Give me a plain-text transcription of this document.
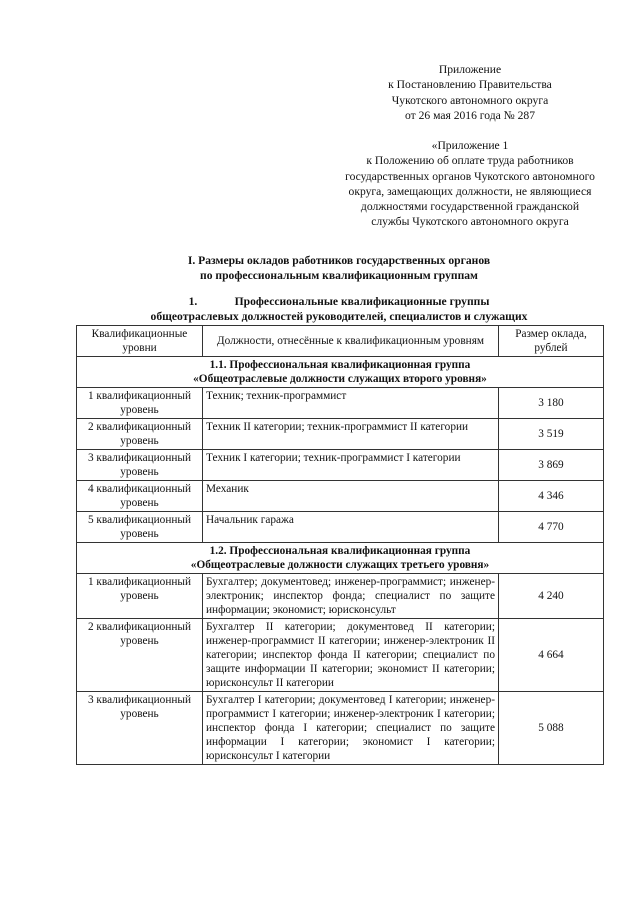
Приложение
к Постановлению Правительства
Чукотского автономного округа
от 26 мая 2016 года № 287
«Приложение 1
к Положению об оплате труда работников
государственных органов Чукотского автономного
округа, замещающих должности, не являющиеся
должностями государственной гражданской
службы Чукотского автономного округа
I. Размеры окладов работников государственных органов
по профессиональным квалификационным группам
1.	Профессиональные квалификационные группы
общеотраслевых должностей руководителей, специалистов и служащих
Квалификационные уровни	Должности, отнесённые к квалификационным уровням	Размер оклада, рублей

1.1. Профессиональная квалификационная группа
«Общеотраслевые должности служащих второго уровня»		

1 квалификационный уровень	Техник; техник-программист	3 180
2 квалификационный уровень	Техник II категории; техник-программист II категории	3 519
3 квалификационный уровень	Техник I категории; техник-программист I категории	3 869
4 квалификационный уровень	Механик	4 346
5 квалификационный уровень	Начальник гаража	4 770

1.2. Профессиональная квалификационная группа
«Общеотраслевые должности служащих третьего уровня»		

1 квалификационный уровень	Бухгалтер; документовед; инженер-программист; инженер-электроник; инспектор фонда; специалист по защите информации; экономист; юрисконсульт	4 240
2 квалификационный уровень	Бухгалтер II категории; документовед II категории; инженер-программист II категории; инженер-электроник II категории; инспектор фонда II категории; специалист по защите информации II категории; экономист II категории; юрисконсульт II категории	4 664
3 квалификационный уровень	Бухгалтер I категории; документовед I категории; инженер-программист I категории; инженер-электроник I категории; инспектор фонда I категории; специалист по защите информации I категории; экономист I категории; юрисконсульт I категории	5 088
